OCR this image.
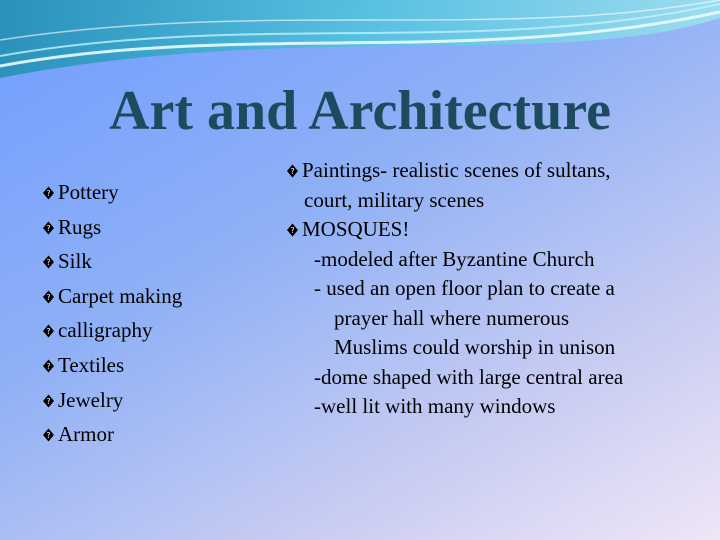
Art and Architecture
? Pottery
? Rugs
? Silk
? Carpet making
? calligraphy
? Textiles
? Jewelry
? Armor
? Paintings- realistic scenes of sultans,
court, military scenes
? MOSQUES!
-modeled after Byzantine Church
- used an open floor plan to create a
prayer hall where numerous
Muslims could worship in unison
-dome shaped with large central area
-well lit with many windows
